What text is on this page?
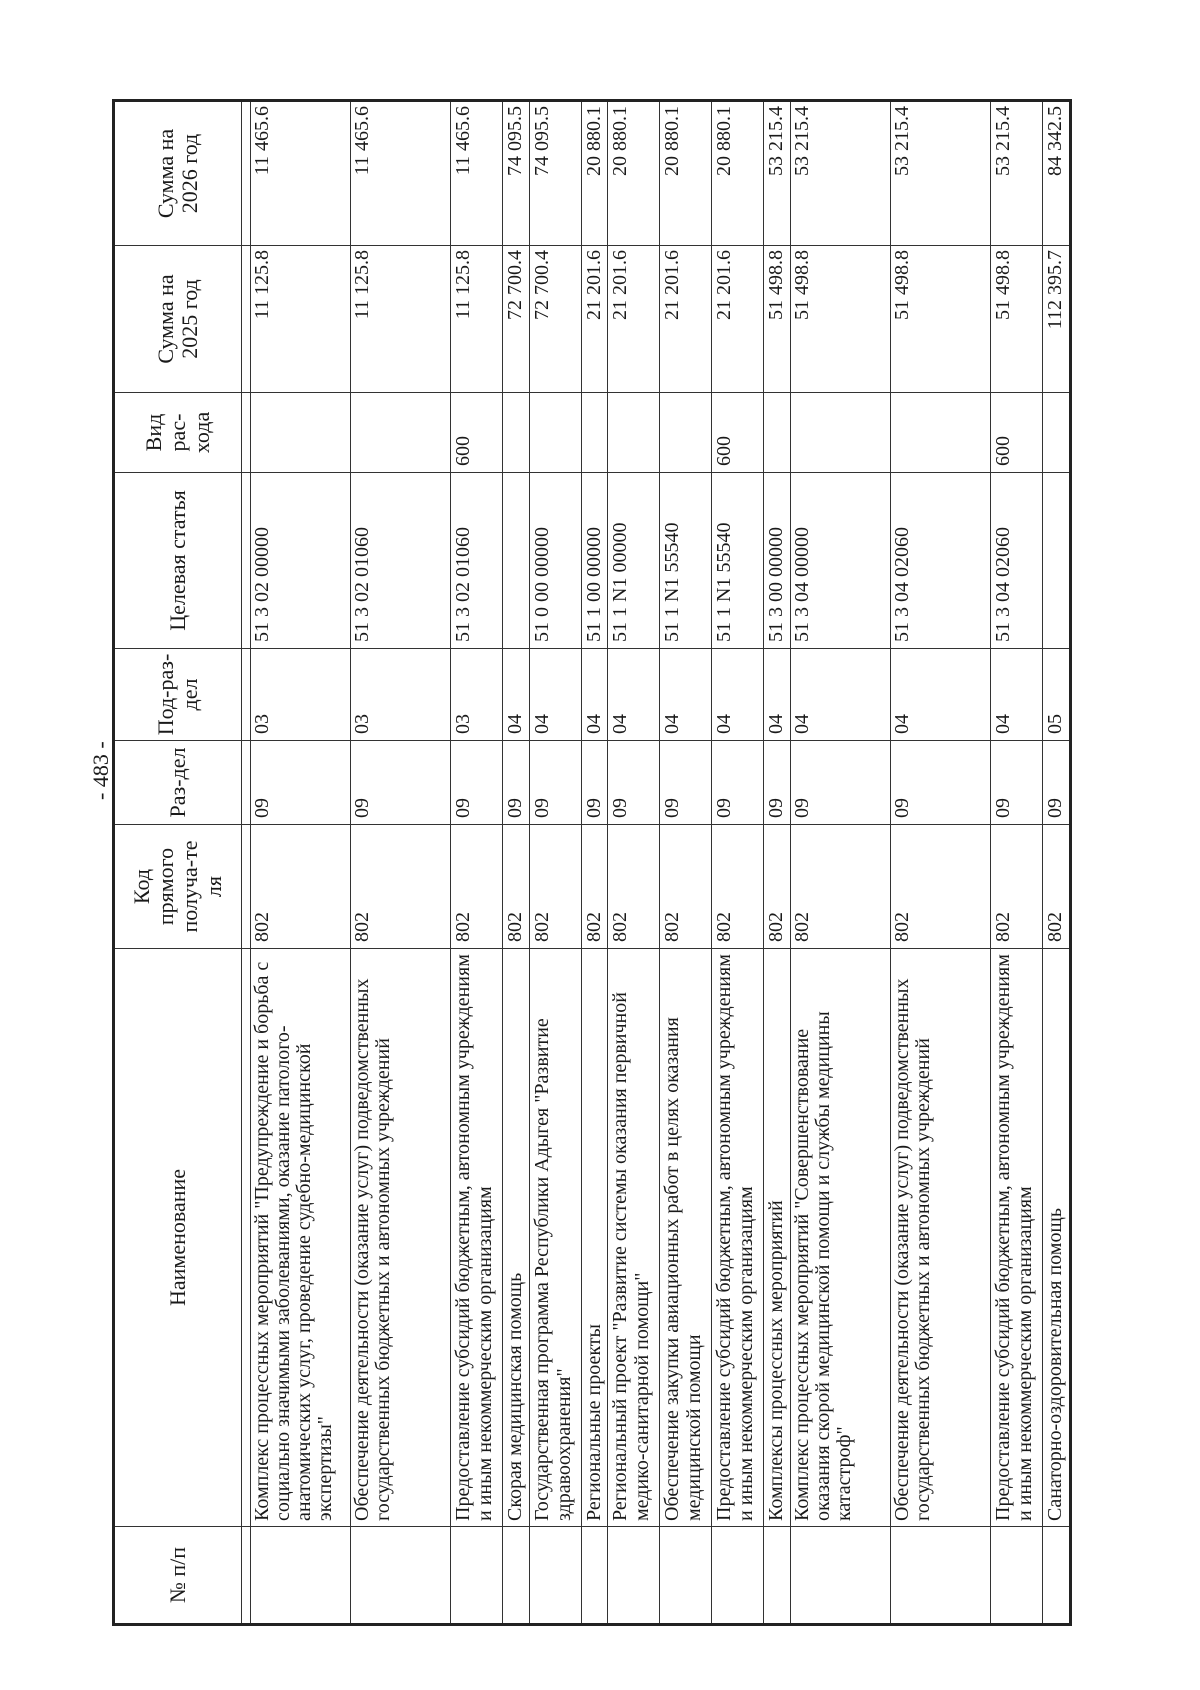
- 483 -
№ п/п	Наименование	Код прямого получа-те ля	Раз-дел	Под-раз-дел	Целевая статья	Вид рас-хода	Сумма на 2025 год	Сумма на 2026 год

	Комплекс процессных мероприятий "Предупреждение и борьба с социально значимыми заболеваниями, оказание патолого-анатомических услуг, проведение судебно-медицинской экспертизы"	802	09	03	51 3 02 00000		11 125.8	11 465.6
	Обеспечение деятельности (оказание услуг) подведомственных государственных бюджетных и автономных учреждений	802	09	03	51 3 02 01060		11 125.8	11 465.6
	Предоставление субсидий бюджетным, автономным учреждениям и иным некоммерческим организациям	802	09	03	51 3 02 01060	600	11 125.8	11 465.6
	Скорая медицинская помощь	802	09	04			72 700.4	74 095.5
	Государственная программа Республики Адыгея "Развитие здравоохранения"	802	09	04	51 0 00 00000		72 700.4	74 095.5
	Региональные проекты	802	09	04	51 1 00 00000		21 201.6	20 880.1
	Региональный проект "Развитие системы оказания первичной медико-санитарной помощи"	802	09	04	51 1 N1 00000		21 201.6	20 880.1
	Обеспечение закупки авиационных работ в целях оказания медицинской помощи	802	09	04	51 1 N1 55540		21 201.6	20 880.1
	Предоставление субсидий бюджетным, автономным учреждениям и иным некоммерческим организациям	802	09	04	51 1 N1 55540	600	21 201.6	20 880.1
	Комплексы процессных мероприятий	802	09	04	51 3 00 00000		51 498.8	53 215.4
	Комплекс процессных мероприятий "Совершенствование оказания скорой медицинской помощи и службы медицины катастроф"	802	09	04	51 3 04 00000		51 498.8	53 215.4
	Обеспечение деятельности (оказание услуг) подведомственных государственных бюджетных и автономных учреждений	802	09	04	51 3 04 02060		51 498.8	53 215.4
	Предоставление субсидий бюджетным, автономным учреждениям и иным некоммерческим организациям	802	09	04	51 3 04 02060	600	51 498.8	53 215.4
	Санаторно-оздоровительная помощь	802	09	05			112 395.7	84 342.5
